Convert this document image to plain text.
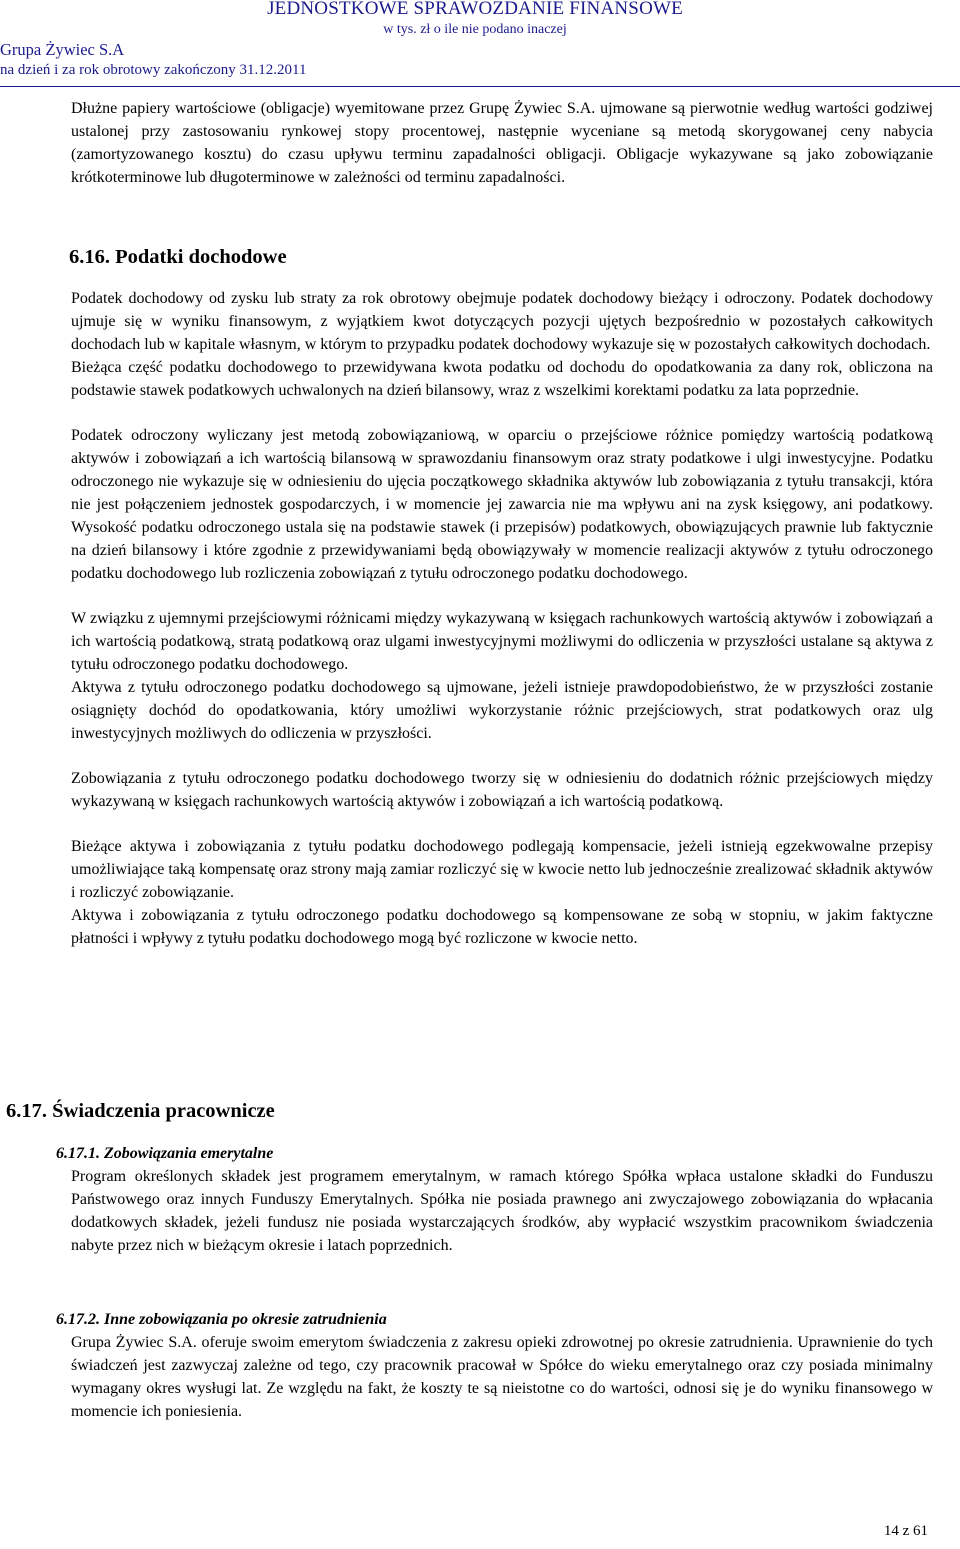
JEDNOSTKOWE SPRAWOZDANIE FINANSOWE
w tys. zł o ile nie podano inaczej
Grupa Żywiec S.A
na dzień i za rok obrotowy zakończony 31.12.2011

Dłużne papiery wartościowe (obligacje) wyemitowane przez Grupę Żywiec S.A. ujmowane są pierwotnie według wartości godziwej ustalonej przy zastosowaniu rynkowej stopy procentowej, następnie wyceniane są metodą skorygowanej ceny nabycia (zamortyzowanego kosztu) do czasu upływu terminu zapadalności obligacji. Obligacje wykazywane są jako zobowiązanie krótkoterminowe lub długoterminowe w zależności od terminu zapadalności.

6.16. Podatki dochodowe

Podatek dochodowy od zysku lub straty za rok obrotowy obejmuje podatek dochodowy bieżący i odroczony. Podatek dochodowy ujmuje się w wyniku finansowym, z wyjątkiem kwot dotyczących pozycji ujętych bezpośrednio w pozostałych całkowitych dochodach lub w kapitale własnym, w którym to przypadku podatek dochodowy wykazuje się w pozostałych całkowitych dochodach.

Bieżąca część podatku dochodowego to przewidywana kwota podatku od dochodu do opodatkowania za dany rok, obliczona na podstawie stawek podatkowych uchwalonych na dzień bilansowy, wraz z wszelkimi korektami podatku za lata poprzednie.

Podatek odroczony wyliczany jest metodą zobowiązaniową, w oparciu o przejściowe różnice pomiędzy wartością podatkową aktywów i zobowiązań a ich wartością bilansową w sprawozdaniu finansowym oraz straty podatkowe i ulgi inwestycyjne. Podatku odroczonego nie wykazuje się w odniesieniu do ujęcia początkowego składnika aktywów lub zobowiązania z tytułu transakcji, która nie jest połączeniem jednostek gospodarczych, i w momencie jej zawarcia nie ma wpływu ani na zysk księgowy, ani podatkowy. Wysokość podatku odroczonego ustala się na podstawie stawek (i przepisów) podatkowych, obowiązujących prawnie lub faktycznie na dzień bilansowy i które zgodnie z przewidywaniami będą obowiązywały w momencie realizacji aktywów z tytułu odroczonego podatku dochodowego lub rozliczenia zobowiązań z tytułu odroczonego podatku dochodowego.

W związku z ujemnymi przejściowymi różnicami między wykazywaną w księgach rachunkowych wartością aktywów i zobowiązań a ich wartością podatkową, stratą podatkową oraz ulgami inwestycyjnymi możliwymi do odliczenia w przyszłości ustalane są aktywa z tytułu odroczonego podatku dochodowego.

Aktywa z tytułu odroczonego podatku dochodowego są ujmowane, jeżeli istnieje prawdopodobieństwo, że w przyszłości zostanie osiągnięty dochód do opodatkowania, który umożliwi wykorzystanie różnic przejściowych, strat podatkowych oraz ulg inwestycyjnych możliwych do odliczenia w przyszłości.

Zobowiązania z tytułu odroczonego podatku dochodowego tworzy się w odniesieniu do dodatnich różnic przejściowych między wykazywaną w księgach rachunkowych wartością aktywów i zobowiązań a ich wartością podatkową.

Bieżące aktywa i zobowiązania z tytułu podatku dochodowego podlegają kompensacie, jeżeli istnieją egzekwowalne przepisy umożliwiające taką kompensatę oraz strony mają zamiar rozliczyć się w kwocie netto lub jednocześnie zrealizować składnik aktywów i rozliczyć zobowiązanie.

Aktywa i zobowiązania z tytułu odroczonego podatku dochodowego są kompensowane ze sobą w stopniu, w jakim faktyczne płatności i wpływy z tytułu podatku dochodowego mogą być rozliczone w kwocie netto.

6.17. Świadczenia pracownicze
6.17.1. Zobowiązania emerytalne

Program określonych składek jest programem emerytalnym, w ramach którego Spółka wpłaca ustalone składki do Funduszu Państwowego oraz innych Funduszy Emerytalnych. Spółka nie posiada prawnego ani zwyczajowego zobowiązania do wpłacania dodatkowych składek, jeżeli fundusz nie posiada wystarczających środków, aby wypłacić wszystkim pracownikom świadczenia nabyte przez nich w bieżącym okresie i latach poprzednich.

6.17.2. Inne zobowiązania po okresie zatrudnienia

Grupa Żywiec S.A. oferuje swoim emerytom świadczenia z zakresu opieki zdrowotnej po okresie zatrudnienia. Uprawnienie do tych świadczeń jest zazwyczaj zależne od tego, czy pracownik pracował w Spółce do wieku emerytalnego oraz czy posiada minimalny wymagany okres wysługi lat. Ze względu na fakt, że koszty te są nieistotne co do wartości, odnosi się je do wyniku finansowego w momencie ich poniesienia.

14 z 61
